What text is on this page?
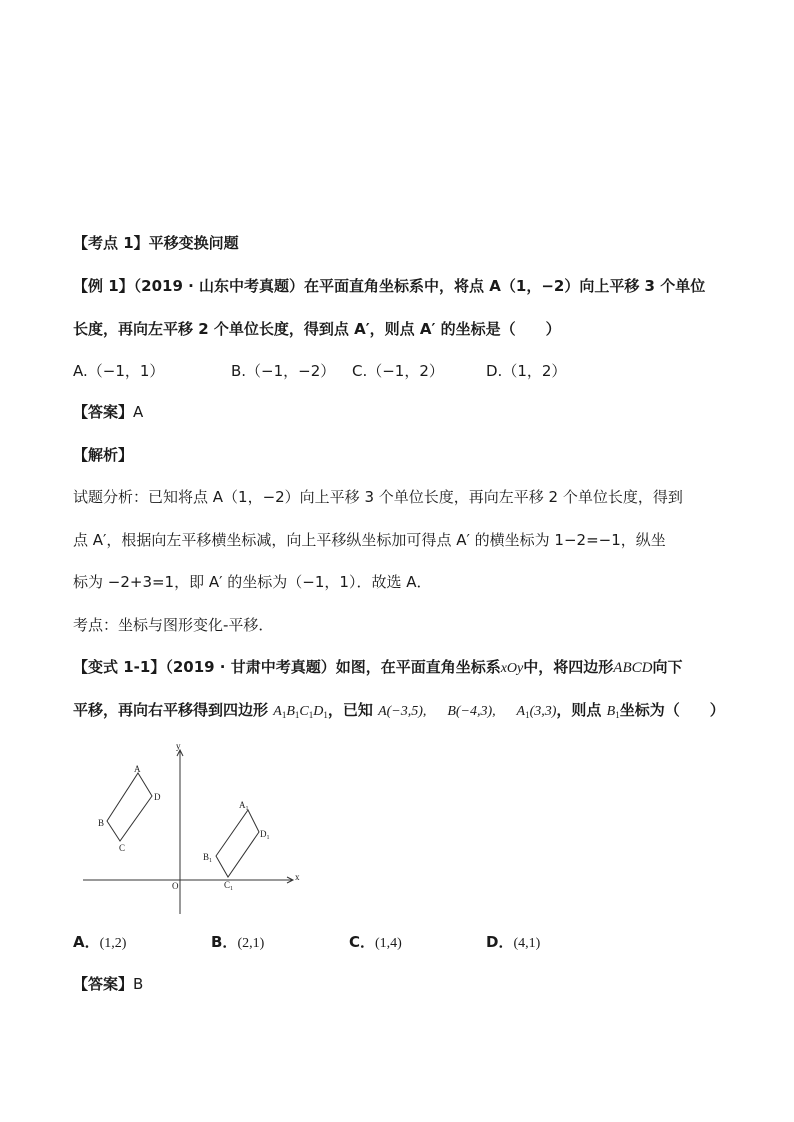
【考点 1】平移变换问题
【例 1】（2019 · 山东中考真题）在平面直角坐标系中，将点 A（1，−2）向上平移 3 个单位
长度，再向左平移 2 个单位长度，得到点 A′，则点 A′ 的坐标是（　　）
A.（−1，1）	B.（−1，−2） C.（−1，2）	D.（1，2）
【答案】A
【解析】
试题分析：已知将点 A（1，−2）向上平移 3 个单位长度，再向左平移 2 个单位长度，得到
点 A′，根据向左平移横坐标减，向上平移纵坐标加可得点 A′ 的横坐标为 1−2=−1，纵坐
标为 −2+3=1，即 A′ 的坐标为（−1，1）．故选 A．
考点：坐标与图形变化-平移．
【变式 1-1】（2019 · 甘肃中考真题）如图，在平面直角坐标系xOy中，将四边形ABCD向下
平移，再向右平移得到四边形 $A_1B_1C_1D_1$，已知 A(−3,5), B(−4,3), $A_1(3,3)$，则点 $B_1$坐标为（　　）
x
y
O
A
D
B
C
$A_1$
$D_1$
$B_1$
$C_1$
A．(1,2)	B．(2,1)	C．(1,4)	D．(4,1)
【答案】B
